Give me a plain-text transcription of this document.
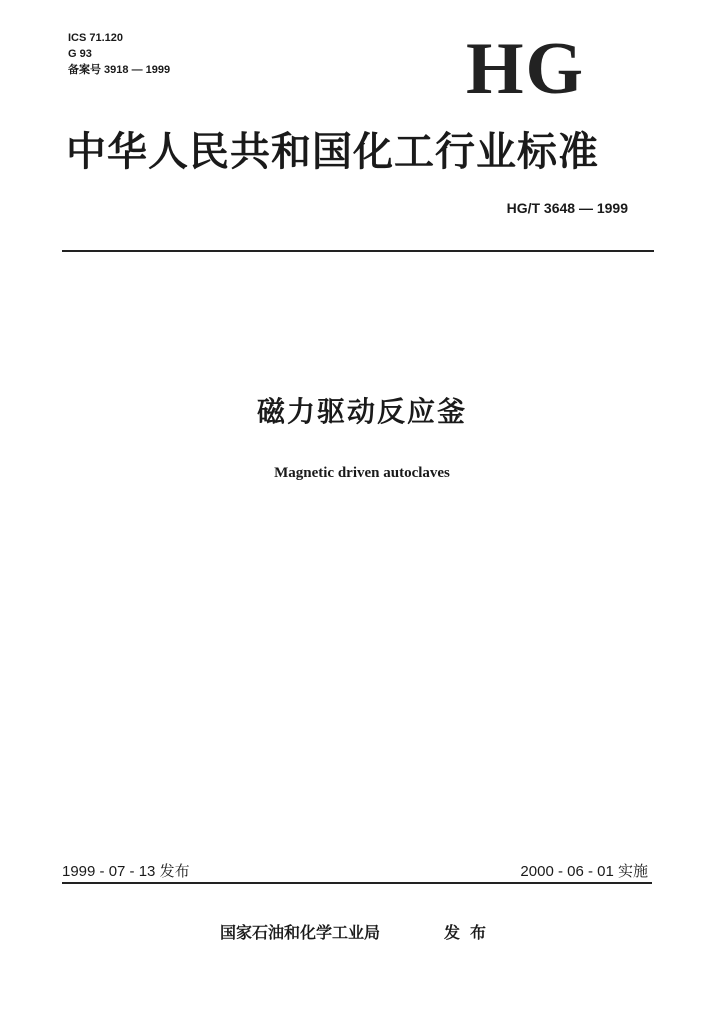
ICS 71.120
G 93
备案号 3918 — 1999	HG
中华人民共和国化工行业标准
HG/T 3648 — 1999
磁力驱动反应釜
Magnetic driven autoclaves
1999 - 07 - 13 发布	2000 - 06 - 01 实施
国家石油和化学工业局	发布
